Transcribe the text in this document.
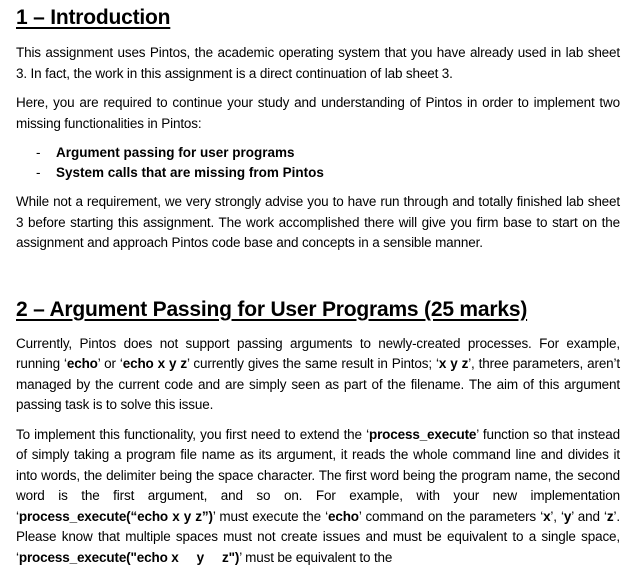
1 – Introduction

This assignment uses Pintos, the academic operating system that you have already used in lab sheet 3. In fact, the work in this assignment is a direct continuation of lab sheet 3.

Here, you are required to continue your study and understanding of Pintos in order to implement two missing functionalities in Pintos:

- Argument passing for user programs
- System calls that are missing from Pintos

While not a requirement, we very strongly advise you to have run through and totally finished lab sheet 3 before starting this assignment. The work accomplished there will give you firm base to start on the assignment and approach Pintos code base and concepts in a sensible manner.

2 – Argument Passing for User Programs (25 marks)

Currently, Pintos does not support passing arguments to newly-created processes. For example, running ‘echo’ or ‘echo x y z’ currently gives the same result in Pintos; ‘x y z’, three parameters, aren’t managed by the current code and are simply seen as part of the filename. The aim of this argument passing task is to solve this issue.

To implement this functionality, you first need to extend the ‘process_execute’ function so that instead of simply taking a program file name as its argument, it reads the whole command line and divides it into words, the delimiter being the space character. The first word being the program name, the second word is the first argument, and so on. For example, with your new implementation ‘process_execute(“echo x y z”)’ must execute the ‘echo’ command on the parameters ‘x’, ‘y’ and ‘z’. Please know that multiple spaces must not create issues and must be equivalent to a single space, ‘process_execute("echo x     y     z")’ must be equivalent to the
